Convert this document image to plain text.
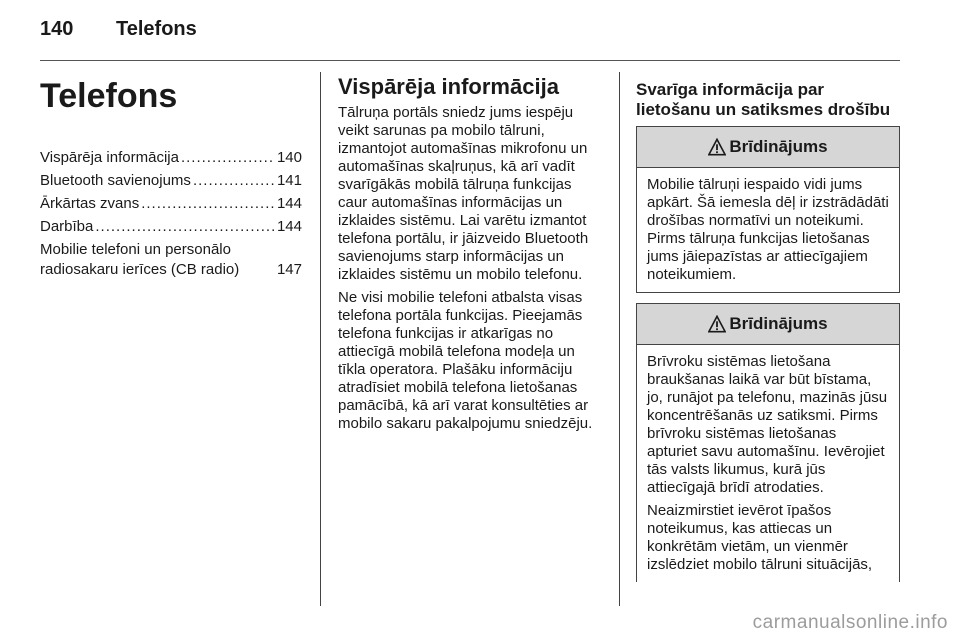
140 Telefons
Telefons
Vispārēja informācija .....	140
Bluetooth savienojums .....	141
Ārkārtas zvans .....	144
Darbība .....	144
Mobilie telefoni un personālo radiosakaru ierīces (CB radio)	147
Vispārēja informācija

Tālruņa portāls sniedz jums iespēju veikt sarunas pa mobilo tālruni, izmantojot automašīnas mikrofonu un automašīnas skaļruņus, kā arī vadīt svarīgākās mobilā tālruņa funkcijas caur automašīnas informācijas un izklaides sistēmu. Lai varētu izmantot telefona portālu, ir jāizveido Bluetooth savienojums starp informācijas un izklaides sistēmu un mobilo telefonu.

Ne visi mobilie telefoni atbalsta visas telefona portāla funkcijas. Pieejamās telefona funkcijas ir atkarīgas no attiecīgā mobilā telefona modeļa un tīkla operatora. Plašāku informāciju atradīsiet mobilā telefona lietošanas pamācībā, kā arī varat konsultēties ar mobilo sakaru pakalpojumu sniedzēju.

Svarīga informācija par lietošanu un satiksmes drošību
Brīdinājums

Mobilie tālruņi iespaido vidi jums apkārt. Šā iemesla dēļ ir izstrādādāti drošības normatīvi un noteikumi. Pirms tālruņa funkcijas lietošanas jums jāiepazīstas ar attiecīgajiem noteikumiem.

Brīdinājums

Brīvroku sistēmas lietošana braukšanas laikā var būt bīstama, jo, runājot pa telefonu, mazinās jūsu koncentrēšanās uz satiksmi. Pirms brīvroku sistēmas lietošanas apturiet savu automašīnu. Ievērojiet tās valsts likumus, kurā jūs attiecīgajā brīdī atrodaties.

Neaizmirstiet ievērot īpašos noteikumus, kas attiecas un konkrētām vietām, un vienmēr izslēdziet mobilo tālruni situācijās,

carmanualsonline.info
